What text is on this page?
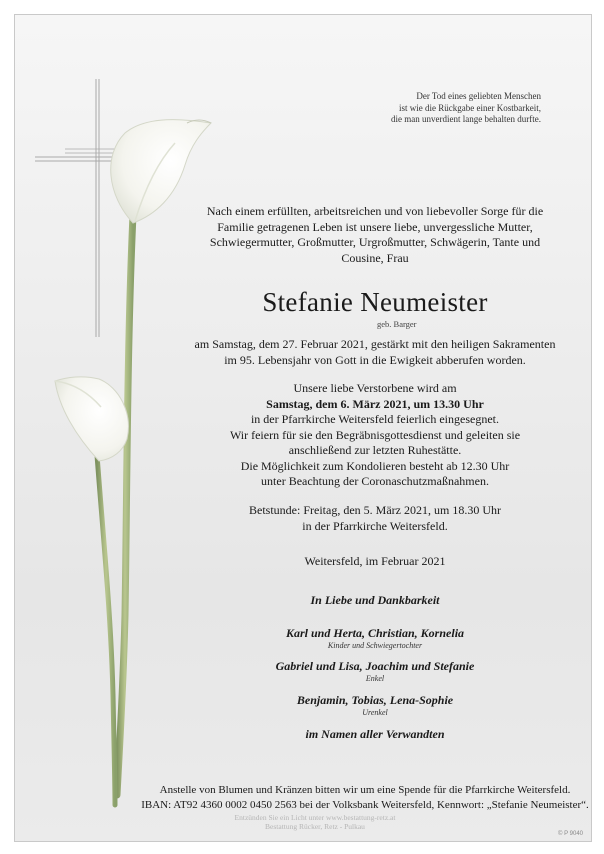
Der Tod eines geliebten Menschen
ist wie die Rückgabe einer Kostbarkeit,
die man unverdient lange behalten durfte.
Nach einem erfüllten, arbeitsreichen und von liebevoller Sorge für die
Familie getragenen Leben ist unsere liebe, unvergessliche Mutter,
Schwiegermutter, Großmutter, Urgroßmutter, Schwägerin, Tante und
Cousine, Frau
Stefanie Neumeister
geb. Barger
am Samstag, dem 27. Februar 2021, gestärkt mit den heiligen Sakramenten
im 95. Lebensjahr von Gott in die Ewigkeit abberufen worden.
Unsere liebe Verstorbene wird am
Samstag, dem 6. März 2021, um 13.30 Uhr
in der Pfarrkirche Weitersfeld feierlich eingesegnet.
Wir feiern für sie den Begräbnisgottesdienst und geleiten sie
anschließend zur letzten Ruhestätte.
Die Möglichkeit zum Kondolieren besteht ab 12.30 Uhr
unter Beachtung der Coronaschutzmaßnahmen.
Betstunde: Freitag, den 5. März 2021, um 18.30 Uhr
in der Pfarrkirche Weitersfeld.
Weitersfeld, im Februar 2021
In Liebe und Dankbarkeit
Karl und Herta, Christian, Kornelia
Kinder und Schwiegertochter
Gabriel und Lisa, Joachim und Stefanie
Enkel
Benjamin, Tobias, Lena-Sophie
Urenkel
im Namen aller Verwandten
Anstelle von Blumen und Kränzen bitten wir um eine Spende für die Pfarrkirche Weitersfeld.
IBAN: AT92 4360 0002 0450 2563 bei der Volksbank Weitersfeld, Kennwort: „Stefanie Neumeister“.
Entzünden Sie ein Licht unter www.bestattung-retz.at
Bestattung Rücker, Retz - Pulkau
© P 9040
